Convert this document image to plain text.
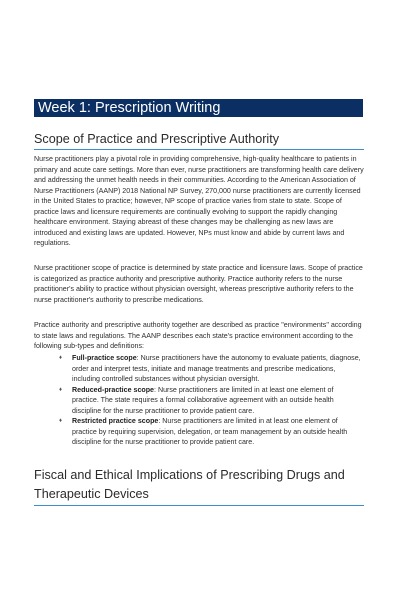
Week 1: Prescription Writing
Scope of Practice and Prescriptive Authority

Nurse practitioners play a pivotal role in providing comprehensive, high-quality healthcare to patients in primary and acute care settings. More than ever, nurse practitioners are transforming health care delivery and addressing the unmet health needs in their communities. According to the American Association of Nurse Practitioners (AANP) 2018 National NP Survey, 270,000 nurse practitioners are currently licensed in the United States to practice; however, NP scope of practice varies from state to state. Scope of practice laws and licensure requirements are continually evolving to support the rapidly changing healthcare environment. Staying abreast of these changes may be challenging as new laws are introduced and existing laws are updated. However, NPs must know and abide by current laws and regulations.

Nurse practitioner scope of practice is determined by state practice and licensure laws. Scope of practice is categorized as practice authority and prescriptive authority. Practice authority refers to the nurse practitioner's ability to practice without physician oversight, whereas prescriptive authority refers to the nurse practitioner's authority to prescribe medications.

Practice authority and prescriptive authority together are described as practice "environments" according to state laws and regulations. The AANP describes each state's practice environment according to the following sub-types and definitions:

♦ Full-practice scope: Nurse practitioners have the autonomy to evaluate patients, diagnose, order and interpret tests, initiate and manage treatments and prescribe medications, including controlled substances without physician oversight.
♦ Reduced-practice scope: Nurse practitioners are limited in at least one element of practice. The state requires a formal collaborative agreement with an outside health discipline for the nurse practitioner to provide patient care.
♦ Restricted practice scope: Nurse practitioners are limited in at least one element of practice by requiring supervision, delegation, or team management by an outside health discipline for the nurse practitioner to provide patient care.
Fiscal and Ethical Implications of Prescribing Drugs and Therapeutic Devices
